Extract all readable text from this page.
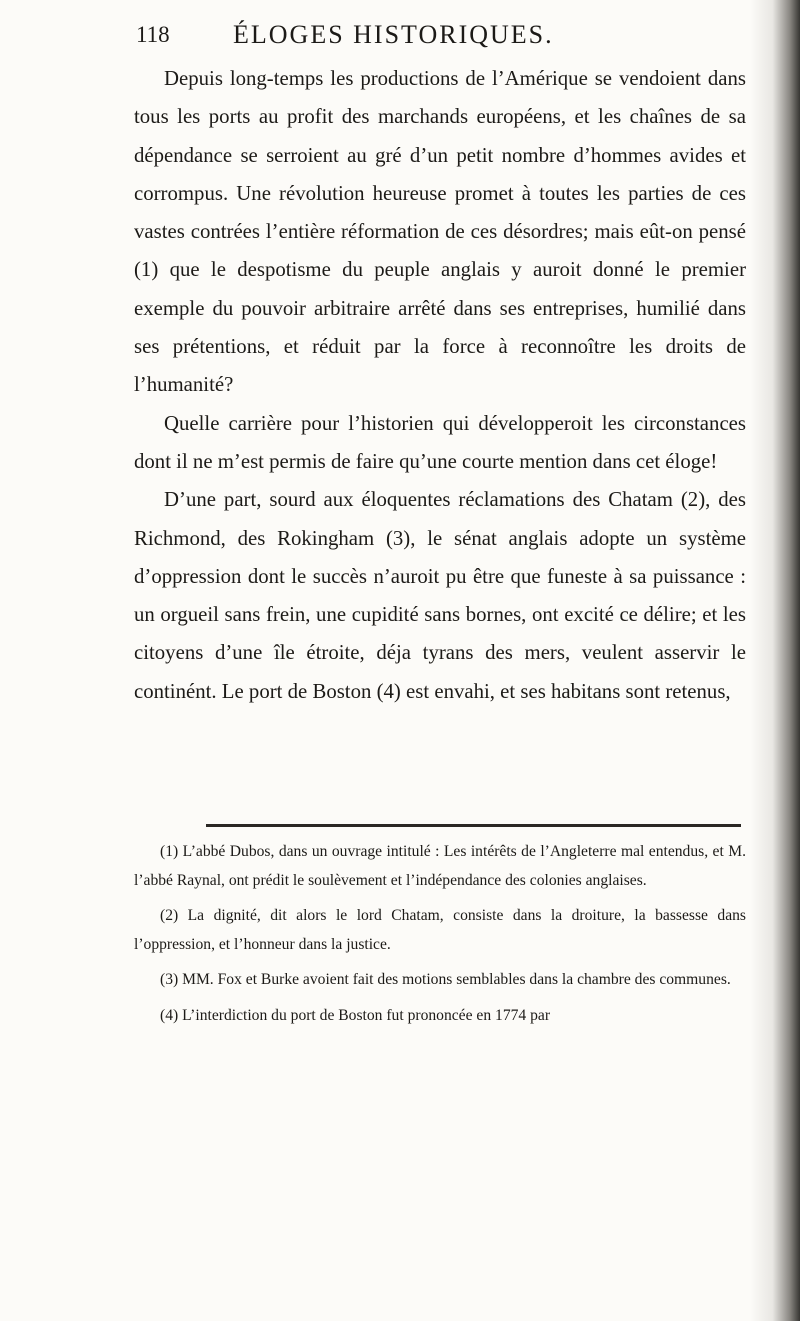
118 ÉLOGES HISTORIQUES.

Depuis long-temps les productions de l’Amérique se vendoient dans tous les ports au profit des marchands européens, et les chaînes de sa dépendance se serroient au gré d’un petit nombre d’hommes avides et corrompus. Une révolution heureuse promet à toutes les parties de ces vastes contrées l’entière réformation de ces désordres; mais eût-on pensé (1) que le despotisme du peuple anglais y auroit donné le premier exemple du pouvoir arbitraire arrêté dans ses entreprises, humilié dans ses prétentions, et réduit par la force à reconnoître les droits de l’humanité?

Quelle carrière pour l’historien qui développeroit les circonstances dont il ne m’est permis de faire qu’une courte mention dans cet éloge!

D’une part, sourd aux éloquentes réclamations des Chatam (2), des Richmond, des Rokingham (3), le sénat anglais adopte un système d’oppression dont le succès n’auroit pu être que funeste à sa puissance : un orgueil sans frein, une cupidité sans bornes, ont excité ce délire; et les citoyens d’une île étroite, déja tyrans des mers, veulent asservir le continént. Le port de Boston (4) est envahi, et ses habitans sont retenus,

(1) L’abbé Dubos, dans un ouvrage intitulé : Les intérêts de l’Angleterre mal entendus, et M. l’abbé Raynal, ont prédit le soulèvement et l’indépendance des colonies anglaises.

(2) La dignité, dit alors le lord Chatam, consiste dans la droiture, la bassesse dans l’oppression, et l’honneur dans la justice.

(3) MM. Fox et Burke avoient fait des motions semblables dans la chambre des communes.

(4) L’interdiction du port de Boston fut prononcée en 1774 par
